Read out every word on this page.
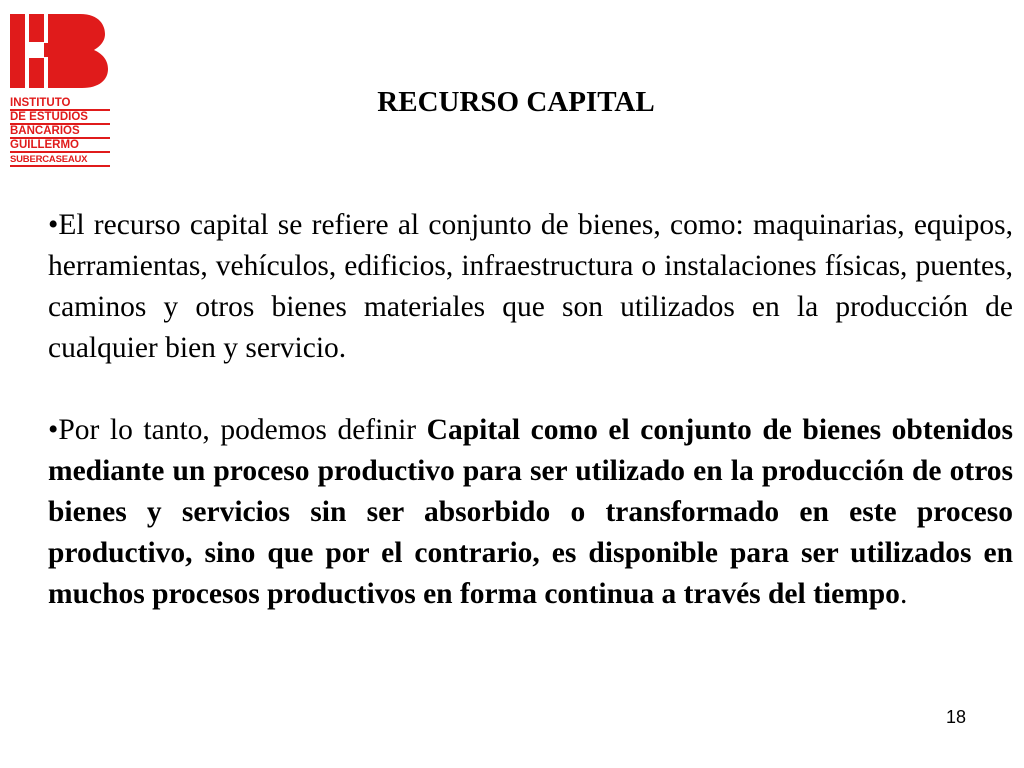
INSTITUTO
DE ESTUDIOS
BANCARIOS
GUILLERMO
SUBERCASEAUX
RECURSO CAPITAL

•El recurso capital se refiere al conjunto de bienes, como: maquinarias, equipos, herramientas, vehículos, edificios, infraestructura o instalaciones físicas, puentes, caminos y otros bienes materiales que son utilizados en la producción de cualquier bien y servicio.

•Por lo tanto, podemos definir Capital como el conjunto de bienes obtenidos mediante un proceso productivo para ser utilizado en la producción de otros bienes y servicios sin ser absorbido o transformado en este proceso productivo, sino que por el contrario, es disponible para ser utilizados en muchos procesos productivos en forma continua a través del tiempo.

18
